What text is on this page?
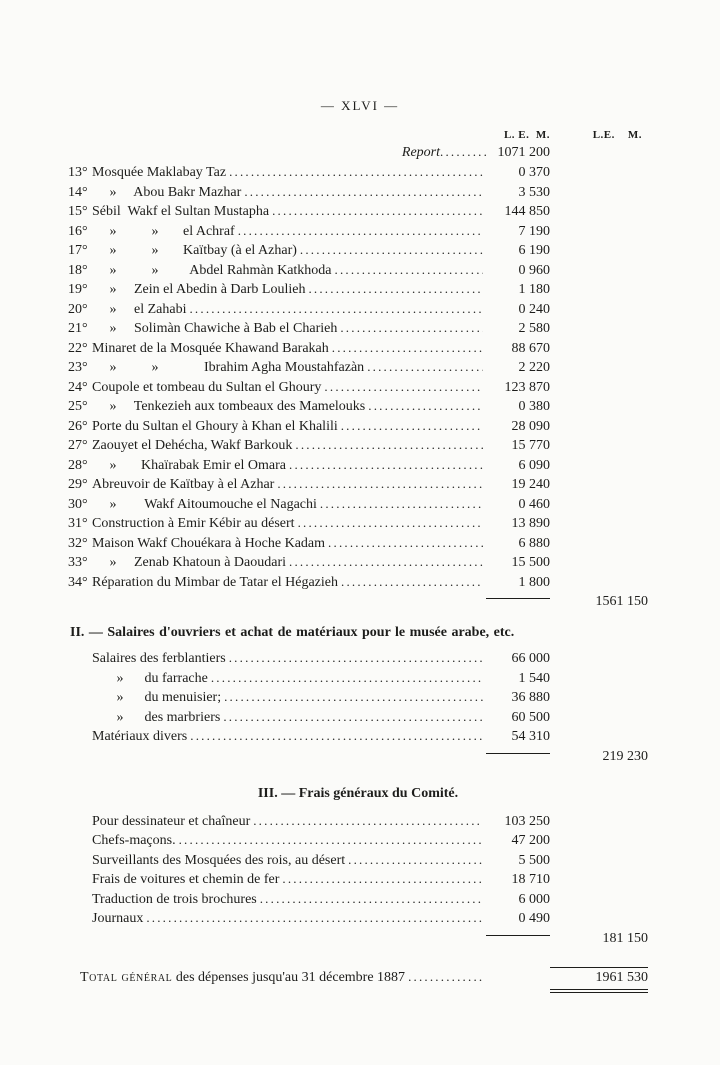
— XLVI —
L. E.  M.	L.E.    M.
Report .....	1071 200
13° Mosquée Maklabay Taz .....	0 370
14° »     Abou Bakr Mazhar .....	3 530
15° Sébil  Wakf el Sultan Mustapha .....	144 850
16° »          »       el Achraf .....	7 190
17° »          »       Kaïtbay (à el Azhar) .....	6 190
18° »          »         Abdel Rahmàn Katkhoda .....	0 960
19° »     Zein el Abedin à Darb Loulieh .....	1 180
20° »     el Zahabi .....	0 240
21° »     Solimàn Chawiche à Bab el Charieh .....	2 580
22° Minaret de la Mosquée Khawand Barakah .....	88 670
23° »          »             Ibrahim Agha Moustahfazàn .....	2 220
24° Coupole et tombeau du Sultan el Ghoury .....	123 870
25° »     Tenkezieh aux tombeaux des Mamelouks .....	0 380
26° Porte du Sultan el Ghoury à Khan el Khalili .....	28 090
27° Zaouyet el Dehécha, Wakf Barkouk .....	15 770
28° »       Khaïrabak Emir el Omara .....	6 090
29° Abreuvoir de Kaïtbay à el Azhar .....	19 240
30° »        Wakf Aitoumouche el Nagachi .....	0 460
31° Construction à Emir Kébir au désert .....	13 890
32° Maison Wakf Chouékara à Hoche Kadam .....	6 880
33° »     Zenab Khatoun à Daoudari .....	15 500
34° Réparation du Mimbar de Tatar el Hégazieh .....	1 800
1561 150
II. — Salaires d'ouvriers et achat de matériaux pour le musée arabe, etc.
Salaires des ferblantiers .....	66 000
»      du farrache .....	1 540
»      du menuisier; .....	36 880
»      des marbriers .....	60 500
Matériaux divers .....	54 310
219 230
III. — Frais généraux du Comité.
Pour dessinateur et chaîneur .....	103 250
Chefs-maçons. .....	47 200
Surveillants des Mosquées des rois, au désert .....	5 500
Frais de voitures et chemin de fer .....	18 710
Traduction de trois brochures .....	6 000
Journaux .....	0 490
181 150
Total général des dépenses jusqu'au 31 décembre 1887 .....	1961 530
